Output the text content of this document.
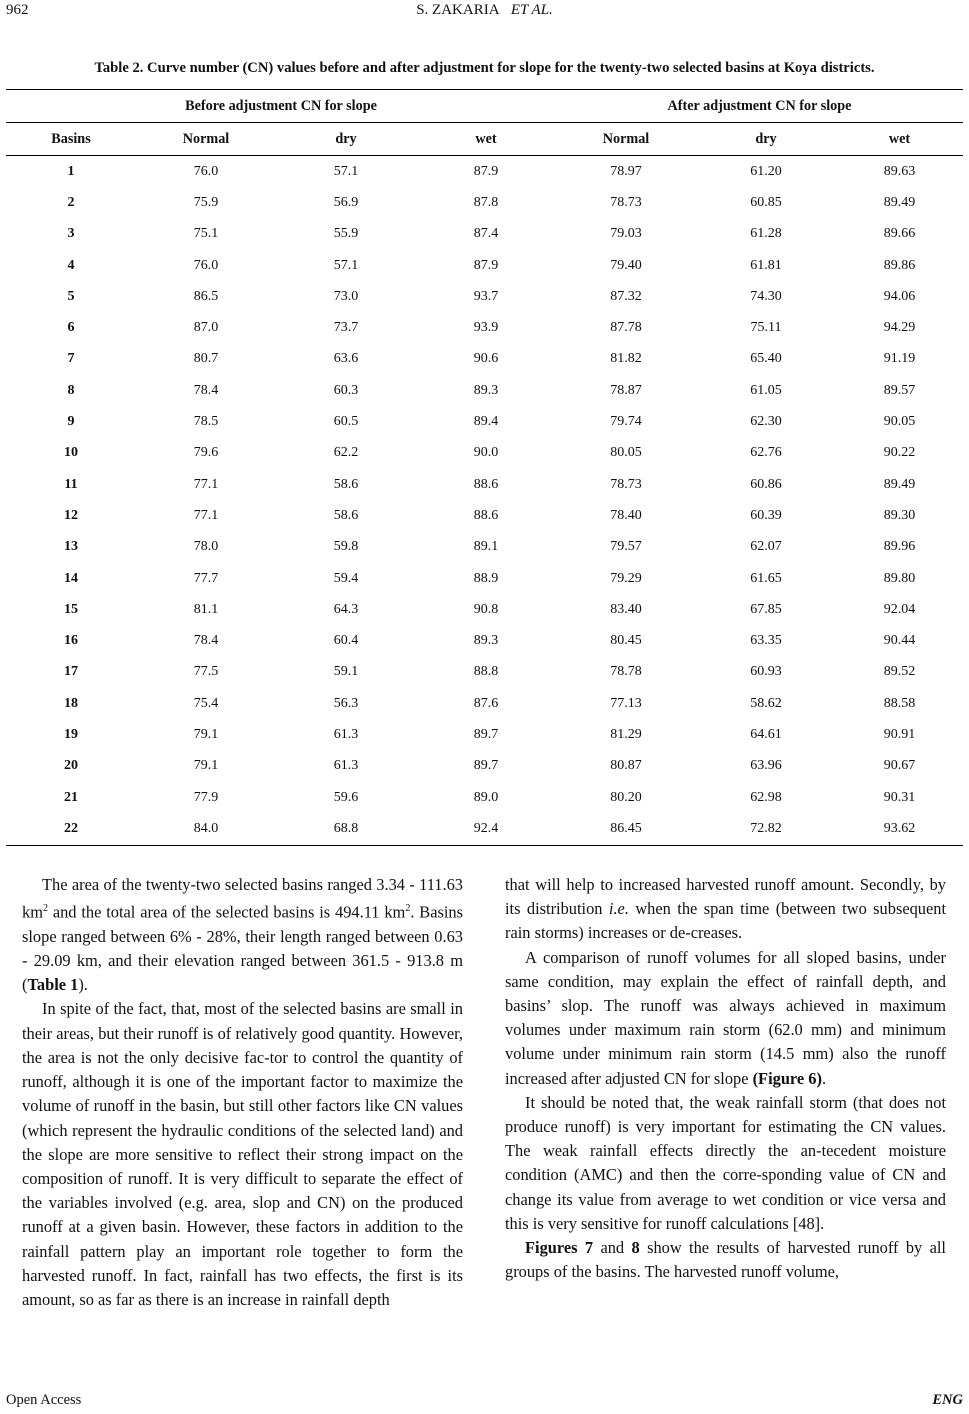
962	S. ZAKARIA ET AL.
Table 2. Curve number (CN) values before and after adjustment for slope for the twenty-two selected basins at Koya districts.
Before adjustment CN for slope				After adjustment CN for slope		
Basins	Normal	dry	wet	Normal	dry	wet
1	76.0	57.1	87.9	78.97	61.20	89.63
2	75.9	56.9	87.8	78.73	60.85	89.49
3	75.1	55.9	87.4	79.03	61.28	89.66
4	76.0	57.1	87.9	79.40	61.81	89.86
5	86.5	73.0	93.7	87.32	74.30	94.06
6	87.0	73.7	93.9	87.78	75.11	94.29
7	80.7	63.6	90.6	81.82	65.40	91.19
8	78.4	60.3	89.3	78.87	61.05	89.57
9	78.5	60.5	89.4	79.74	62.30	90.05
10	79.6	62.2	90.0	80.05	62.76	90.22
11	77.1	58.6	88.6	78.73	60.86	89.49
12	77.1	58.6	88.6	78.40	60.39	89.30
13	78.0	59.8	89.1	79.57	62.07	89.96
14	77.7	59.4	88.9	79.29	61.65	89.80
15	81.1	64.3	90.8	83.40	67.85	92.04
16	78.4	60.4	89.3	80.45	63.35	90.44
17	77.5	59.1	88.8	78.78	60.93	89.52
18	75.4	56.3	87.6	77.13	58.62	88.58
19	79.1	61.3	89.7	81.29	64.61	90.91
20	79.1	61.3	89.7	80.87	63.96	90.67
21	77.9	59.6	89.0	80.20	62.98	90.31
22	84.0	68.8	92.4	86.45	72.82	93.62

The area of the twenty-two selected basins ranged 3.34 - 111.63 $km^2$ and the total area of the selected basins is 494.11 $km^2$. Basins slope ranged between 6% - 28%, their length ranged between 0.63 - 29.09 km, and their elevation ranged between 361.5 - 913.8 m (Table 1).

In spite of the fact, that, most of the selected basins are small in their areas, but their runoff is of relatively good quantity. However, the area is not the only decisive fac-tor to control the quantity of runoff, although it is one of the important factor to maximize the volume of runoff in the basin, but still other factors like CN values (which represent the hydraulic conditions of the selected land) and the slope are more sensitive to reflect their strong impact on the composition of runoff. It is very difficult to separate the effect of the variables involved (e.g. area, slop and CN) on the produced runoff at a given basin. However, these factors in addition to the rainfall pattern play an important role together to form the harvested runoff. In fact, rainfall has two effects, the first is its amount, so as far as there is an increase in rainfall depth

that will help to increased harvested runoff amount. Secondly, by its distribution i.e. when the span time (between two subsequent rain storms) increases or de-creases.

A comparison of runoff volumes for all sloped basins, under same condition, may explain the effect of rainfall depth, and basins’ slop. The runoff was always achieved in maximum volumes under maximum rain storm (62.0 mm) and minimum volume under minimum rain storm (14.5 mm) also the runoff increased after adjusted CN for slope (Figure 6).

It should be noted that, the weak rainfall storm (that does not produce runoff) is very important for estimating the CN values. The weak rainfall effects directly the an-tecedent moisture condition (AMC) and then the corre-sponding value of CN and change its value from average to wet condition or vice versa and this is very sensitive for runoff calculations [48].

Figures 7 and 8 show the results of harvested runoff by all groups of the basins. The harvested runoff volume,

Open Access	ENG
